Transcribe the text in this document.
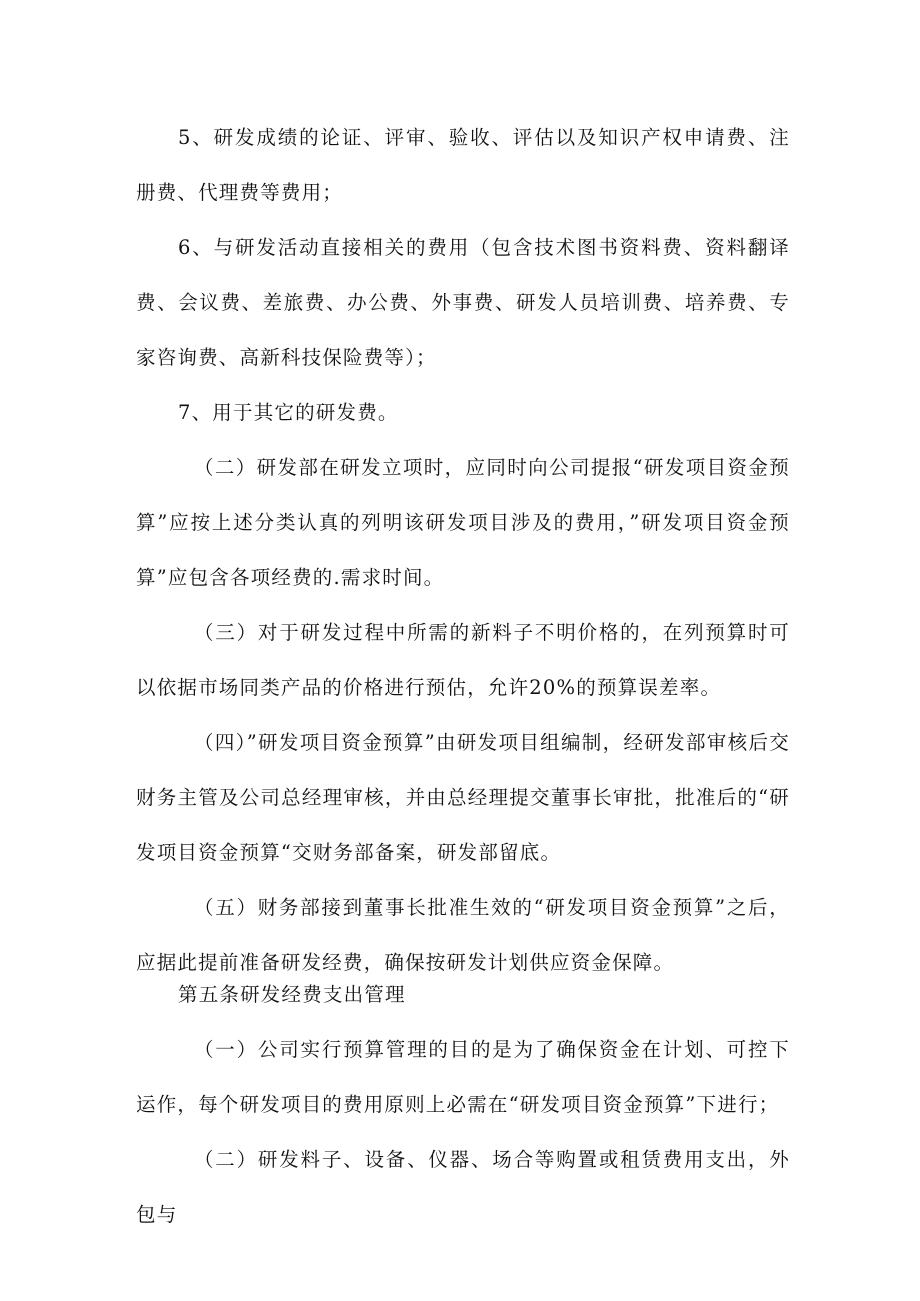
5、研发成绩的论证、评审、验收、评估以及知识产权申请费、注册费、代理费等费用；

6、与研发活动直接相关的费用（包含技术图书资料费、资料翻译费、会议费、差旅费、办公费、外事费、研发人员培训费、培养费、专家咨询费、高新科技保险费等）；

7、用于其它的研发费。

（二）研发部在研发立项时，应同时向公司提报“研发项目资金预算”应按上述分类认真的列明该研发项目涉及的费用，”研发项目资金预算”应包含各项经费的.需求时间。

（三）对于研发过程中所需的新料子不明价格的，在列预算时可以依据市场同类产品的价格进行预估，允许20%的预算误差率。

（四）”研发项目资金预算”由研发项目组编制，经研发部审核后交财务主管及公司总经理审核，并由总经理提交董事长审批，批准后的“研发项目资金预算“交财务部备案，研发部留底。

（五）财务部接到董事长批准生效的“研发项目资金预算”之后，应据此提前准备研发经费，确保按研发计划供应资金保障。

第五条研发经费支出管理

（一）公司实行预算管理的目的是为了确保资金在计划、可控下运作，每个研发项目的费用原则上必需在“研发项目资金预算”下进行；

（二）研发料子、设备、仪器、场合等购置或租赁费用支出，外包与
